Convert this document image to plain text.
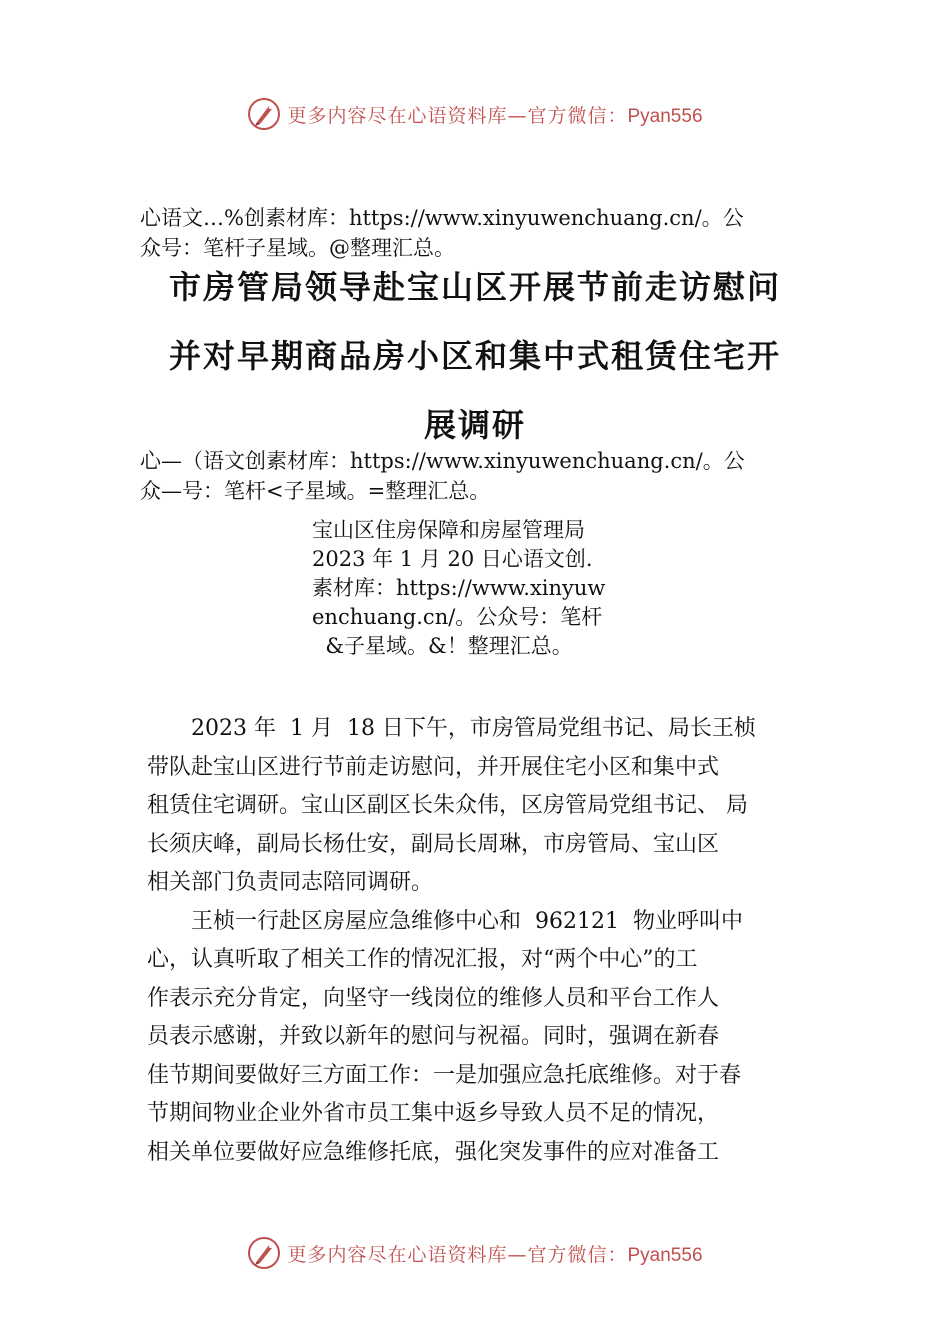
更多内容尽在心语资料库—官方微信：Pyan556
心语文…%创素材库：https://www.xinyuwenchuang.cn/。公
众号：笔杆子星域。@整理汇总。
市房管局领导赴宝山区开展节前走访慰问
并对早期商品房小区和集中式租赁住宅开
展调研
心—（语文创素材库：https://www.xinyuwenchuang.cn/。公
众—号：笔杆<子星域。=整理汇总。
宝山区住房保障和房屋管理局
2023 年 1 月 20 日心语文创.
素材库：https://www.xinyuw
enchuang.cn/。公众号：笔杆
&子星域。&！整理汇总。
　　2023 年  1 月  18 日下午，市房管局党组书记、局长王桢
带队赴宝山区进行节前走访慰问，并开展住宅小区和集中式
租赁住宅调研。宝山区副区长朱众伟，区房管局党组书记、 局
长须庆峰，副局长杨仕安，副局长周琳，市房管局、宝山区
相关部门负责同志陪同调研。
　　王桢一行赴区房屋应急维修中心和  962121  物业呼叫中
心，认真听取了相关工作的情况汇报，对“两个中心”的工
作表示充分肯定，向坚守一线岗位的维修人员和平台工作人
员表示感谢，并致以新年的慰问与祝福。同时，强调在新春
佳节期间要做好三方面工作：一是加强应急托底维修。对于春
节期间物业企业外省市员工集中返乡导致人员不足的情况，
相关单位要做好应急维修托底，强化突发事件的应对准备工
更多内容尽在心语资料库—官方微信：Pyan556
